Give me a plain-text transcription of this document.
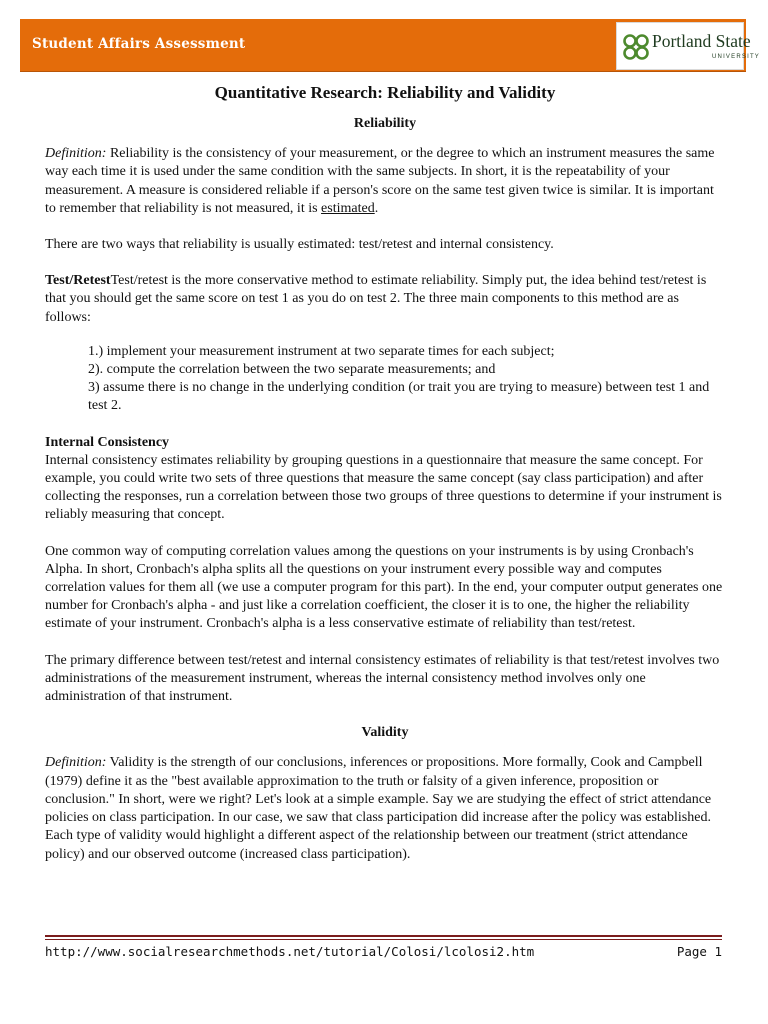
Student Affairs Assessment	Portland State
UNIVERSITY
Quantitative Research: Reliability and Validity
Reliability

Definition: Reliability is the consistency of your measurement, or the degree to which an instrument measures the same way each time it is used under the same condition with the same subjects. In short, it is the repeatability of your measurement. A measure is considered reliable if a person's score on the same test given twice is similar. It is important to remember that reliability is not measured, it is estimated.

There are two ways that reliability is usually estimated: test/retest and internal consistency.

Test/RetestTest/retest is the more conservative method to estimate reliability. Simply put, the idea behind test/retest is that you should get the same score on test 1 as you do on test 2. The three main components to this method are as follows:

1.) implement your measurement instrument at two separate times for each subject;
2). compute the correlation between the two separate measurements; and
3) assume there is no change in the underlying condition (or trait you are trying to measure) between test 1 and test 2.
Internal Consistency

Internal consistency estimates reliability by grouping questions in a questionnaire that measure the same concept. For example, you could write two sets of three questions that measure the same concept (say class participation) and after collecting the responses, run a correlation between those two groups of three questions to determine if your instrument is reliably measuring that concept.

One common way of computing correlation values among the questions on your instruments is by using Cronbach's Alpha. In short, Cronbach's alpha splits all the questions on your instrument every possible way and computes correlation values for them all (we use a computer program for this part). In the end, your computer output generates one number for Cronbach's alpha - and just like a correlation coefficient, the closer it is to one, the higher the reliability estimate of your instrument. Cronbach's alpha is a less conservative estimate of reliability than test/retest.

The primary difference between test/retest and internal consistency estimates of reliability is that test/retest involves two administrations of the measurement instrument, whereas the internal consistency method involves only one administration of that instrument.

Validity

Definition: Validity is the strength of our conclusions, inferences or propositions. More formally, Cook and Campbell (1979) define it as the "best available approximation to the truth or falsity of a given inference, proposition or conclusion." In short, were we right? Let's look at a simple example. Say we are studying the effect of strict attendance policies on class participation. In our case, we saw that class participation did increase after the policy was established. Each type of validity would highlight a different aspect of the relationship between our treatment (strict attendance policy) and our observed outcome (increased class participation).

http://www.socialresearchmethods.net/tutorial/Colosi/lcolosi2.htm	Page 1
